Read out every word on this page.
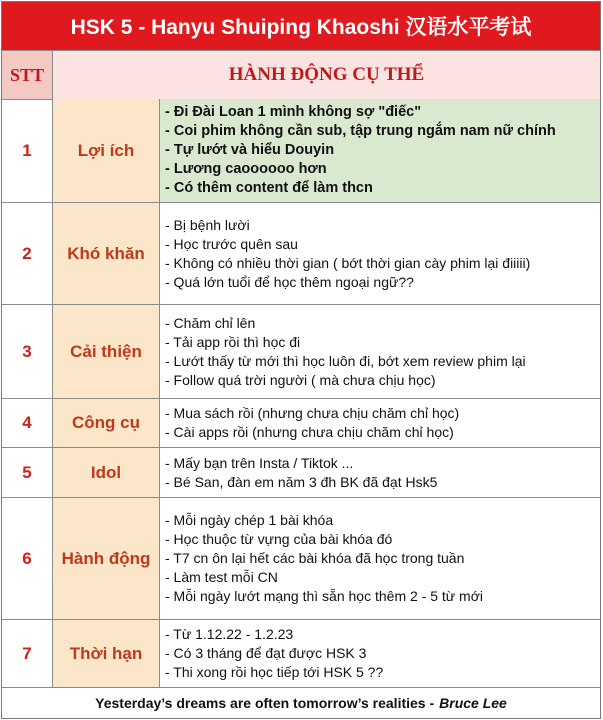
HSK 5 - Hanyu Shuiping Khaoshi 汉语水平考试
STT	HÀNH ĐỘNG CỤ THỂ
1	Lợi ích
- Đi Đài Loan 1 mình không sợ "điếc"
- Coi phim không cần sub, tập trung ngắm nam nữ chính
- Tự lướt và hiểu Douyin
- Lương caoooooo hơn
- Có thêm content để làm thcn
2	Khó khăn
- Bị bệnh lười
- Học trước quên sau
- Không có nhiều thời gian ( bớt thời gian cày phim lại điiiii)
- Quá lớn tuổi để học thêm ngoại ngữ??
3	Cải thiện
- Chăm chỉ lên
- Tải app rồi thì học đi
- Lướt thấy từ mới thì học luôn đi, bớt xem review phim lại
- Follow quá trời người ( mà chưa chịu học)
4	Công cụ	- Mua sách rồi (nhưng chưa chịu chăm chỉ học)
- Cài apps rồi (nhưng chưa chịu chăm chỉ học)
5	Idol	- Mấy bạn trên Insta / Tiktok ...
- Bé San, đàn em năm 3 đh BK đã đạt Hsk5
6	Hành động
- Mỗi ngày chép 1 bài khóa
- Học thuộc từ vựng của bài khóa đó
- T7 cn ôn lại hết các bài khóa đã học trong tuần
- Làm test mỗi CN
- Mỗi ngày lướt mạng thì sẵn học thêm 2 - 5 từ mới
7	Thời hạn
- Từ 1.12.22 - 1.2.23
- Có 3 tháng để đạt được HSK 3
- Thi xong rồi học tiếp tới HSK 5 ??
Yesterday’s dreams are often tomorrow’s realities - Bruce Lee
